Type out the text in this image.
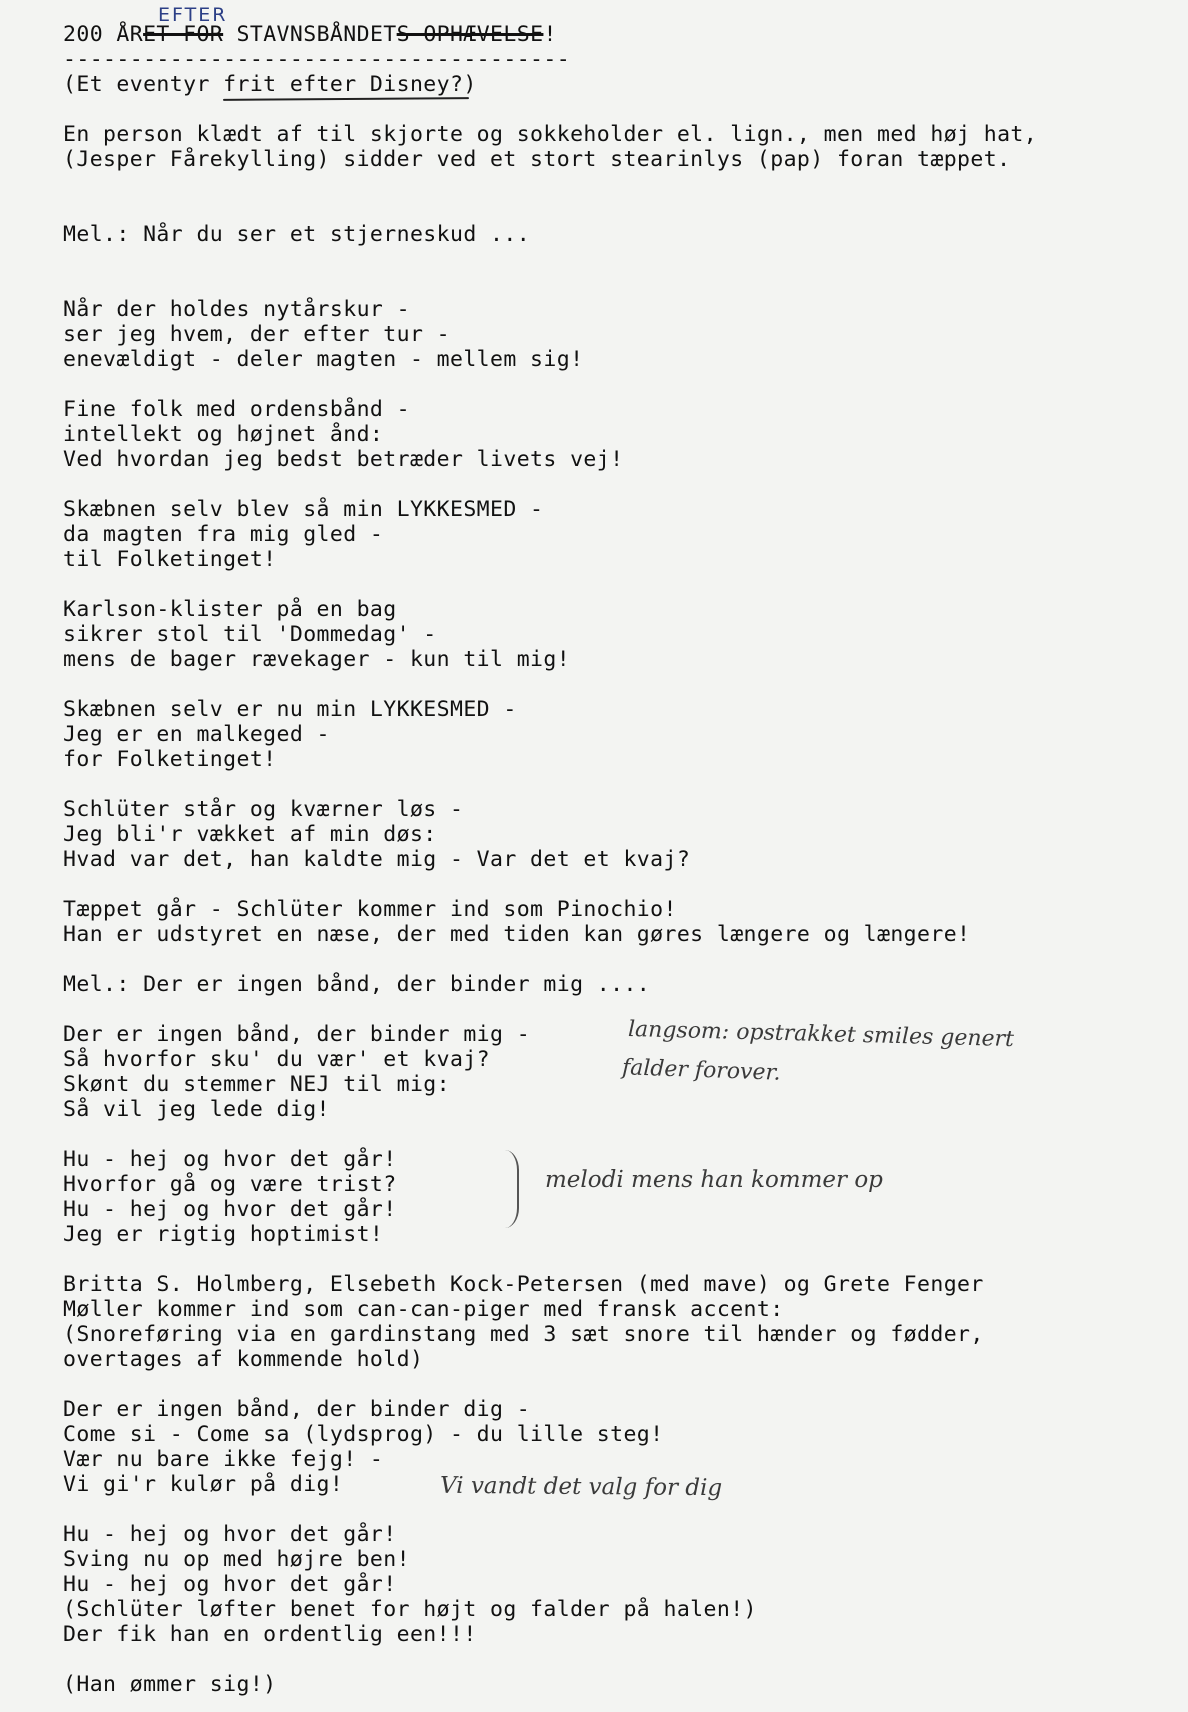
EFTER
200 ÅRET FOR STAVNSBÅNDETS OPHÆVELSE!
--------------------------------------
(Et eventyr frit efter Disney?)
En person klædt af til skjorte og sokkeholder el. lign., men med høj hat,
(Jesper Fårekylling) sidder ved et stort stearinlys (pap) foran tæppet.
Mel.: Når du ser et stjerneskud ...
Når der holdes nytårskur -
ser jeg hvem, der efter tur -
enevældigt - deler magten - mellem sig!
Fine folk med ordensbånd -
intellekt og højnet ånd:
Ved hvordan jeg bedst betræder livets vej!
Skæbnen selv blev så min LYKKESMED -
da magten fra mig gled -
til Folketinget!
Karlson-klister på en bag
sikrer stol til 'Dommedag' -
mens de bager rævekager - kun til mig!
Skæbnen selv er nu min LYKKESMED -
Jeg er en malkeged -
for Folketinget!
Schlüter står og kværner løs -
Jeg bli'r vækket af min døs:
Hvad var det, han kaldte mig - Var det et kvaj?
Tæppet går - Schlüter kommer ind som Pinochio!
Han er udstyret en næse, der med tiden kan gøres længere og længere!
Mel.: Der er ingen bånd, der binder mig ....
Der er ingen bånd, der binder mig -
Så hvorfor sku' du vær' et kvaj?
Skønt du stemmer NEJ til mig:
Så vil jeg lede dig!
Hu - hej og hvor det går!
Hvorfor gå og være trist?
Hu - hej og hvor det går!
Jeg er rigtig hoptimist!
Britta S. Holmberg, Elsebeth Kock-Petersen (med mave) og Grete Fenger
Møller kommer ind som can-can-piger med fransk accent:
(Snoreføring via en gardinstang med 3 sæt snore til hænder og fødder,
overtages af kommende hold)
Der er ingen bånd, der binder dig -
Come si - Come sa (lydsprog) - du lille steg!
Vær nu bare ikke fejg! -
Vi gi'r kulør på dig!
Hu - hej og hvor det går!
Sving nu op med højre ben!
Hu - hej og hvor det går!
(Schlüter løfter benet for højt og falder på halen!)
Der fik han en ordentlig een!!!
(Han ømmer sig!)
langsom: opstrakket smiles genert
falder forover.
melodi mens han kommer op
Vi vandt det valg for dig
